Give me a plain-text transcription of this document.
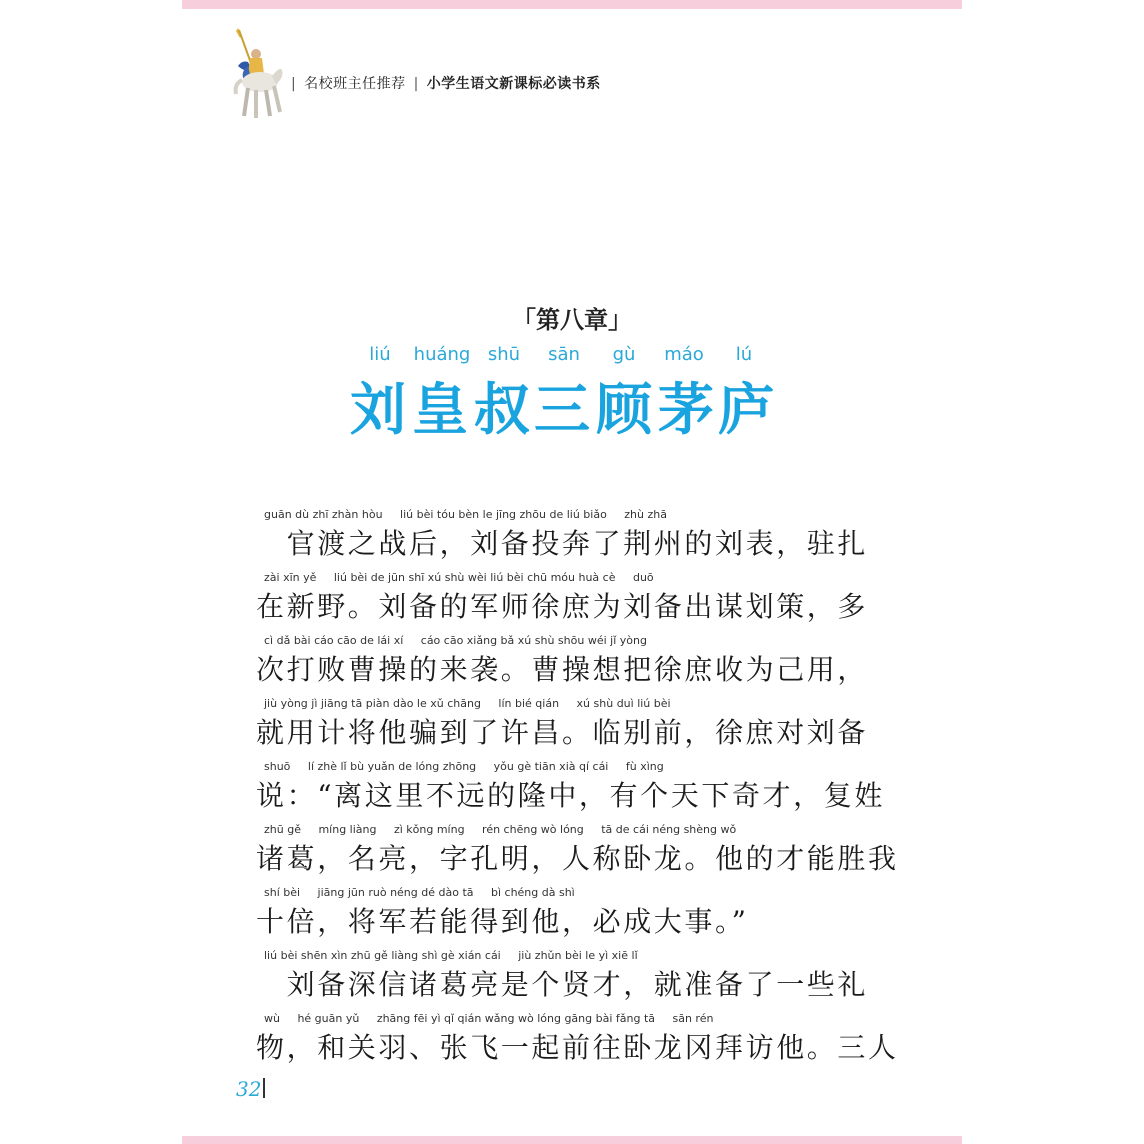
| 名校班主任推荐 | 小学生语文新课标必读书系
「第八章」
liú	huáng shū	sān	gù	máo	lú
刘 皇 叔 三 顾 茅 庐
guān dù zhī zhàn hòu     liú bèi tóu bèn le jīng zhōu de liú biǎo     zhù zhā
　官渡之战后，刘备投奔了荆州的刘表，驻扎
zài xīn yě     liú bèi de jūn shī xú shù wèi liú bèi chū móu huà cè     duō
在新野。刘备的军师徐庶为刘备出谋划策，多
cì dǎ bài cáo cāo de lái xí     cáo cāo xiǎng bǎ xú shù shōu wéi jǐ yòng
次打败曹操的来袭。曹操想把徐庶收为己用，
jiù yòng jì jiāng tā piàn dào le xǔ chāng     lín bié qián     xú shù duì liú bèi
就用计将他骗到了许昌。临别前，徐庶对刘备
shuō     lí zhè lǐ bù yuǎn de lóng zhōng     yǒu gè tiān xià qí cái     fù xìng
说：“离这里不远的隆中，有个天下奇才，复姓
zhū gě     míng liàng     zì kǒng míng     rén chēng wò lóng     tā de cái néng shèng wǒ
诸葛，名亮，字孔明，人称卧龙。他的才能胜我
shí bèi     jiāng jūn ruò néng dé dào tā     bì chéng dà shì
十倍，将军若能得到他，必成大事。”
liú bèi shēn xìn zhū gě liàng shì gè xián cái     jiù zhǔn bèi le yì xiē lǐ
　刘备深信诸葛亮是个贤才，就准备了一些礼
wù     hé guān yǔ     zhāng fēi yì qǐ qián wǎng wò lóng gāng bài fǎng tā     sān rén
物，和关羽、张飞一起前往卧龙冈拜访他。三人
32
